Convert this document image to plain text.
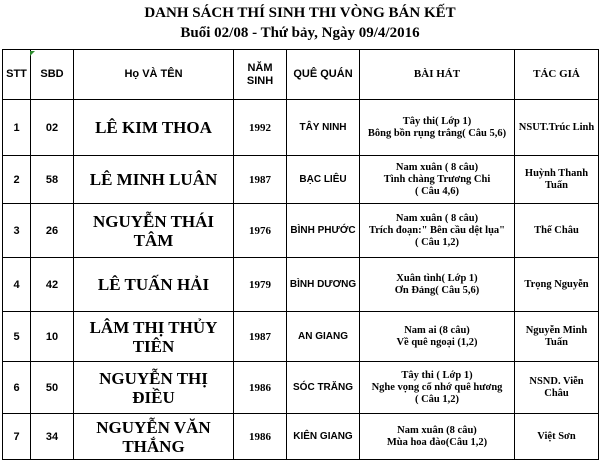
DANH SÁCH THÍ SINH THI VÒNG BÁN KẾT
Buổi 02/08 - Thứ bảy, Ngày 09/4/2016
STT	SBD	Họ VÀ TÊN	NĂM SINH	QUÊ QUÁN	BÀI HÁT	TÁC GIẢ
1	02	LÊ KIM THOA	1992	TÂY NINH	Tây thi( Lớp 1)
Bông bồn rụng trắng( Câu 5,6)	NSUT.Trúc Linh
2	58	LÊ MINH LUÂN	1987	BẠC LIÊU	Nam xuân ( 8 câu)
Tình chàng Trương Chi
( Câu 4,6)	Huỳnh Thanh Tuấn
3	26	NGUYỄN THÁI TÂM	1976	BÌNH PHƯỚC	Nam xuân ( 8 câu)
Trích đoạn:" Bên cầu dệt lụa"
( Câu 1,2)	Thế Châu
4	42	LÊ TUẤN HẢI	1979	BÌNH DƯƠNG	Xuân tình( Lớp 1)
Ơn Đảng( Câu 5,6)	Trọng Nguyễn
5	10	LÂM THỊ THỦY TIÊN	1987	AN GIANG	Nam ai (8 câu)
Về quê ngoại (1,2)	Nguyễn Minh Tuấn
6	50	NGUYỄN THỊ ĐIỀU	1986	SÓC TRĂNG	Tây thi ( Lớp 1)
Nghe vọng cổ nhớ quê hương
( Câu 1,2)	NSND. Viễn Châu
7	34	NGUYỄN VĂN THẮNG	1986	KIÊN GIANG	Nam xuân (8 câu)
Mùa hoa đào(Câu 1,2)	Việt Sơn
